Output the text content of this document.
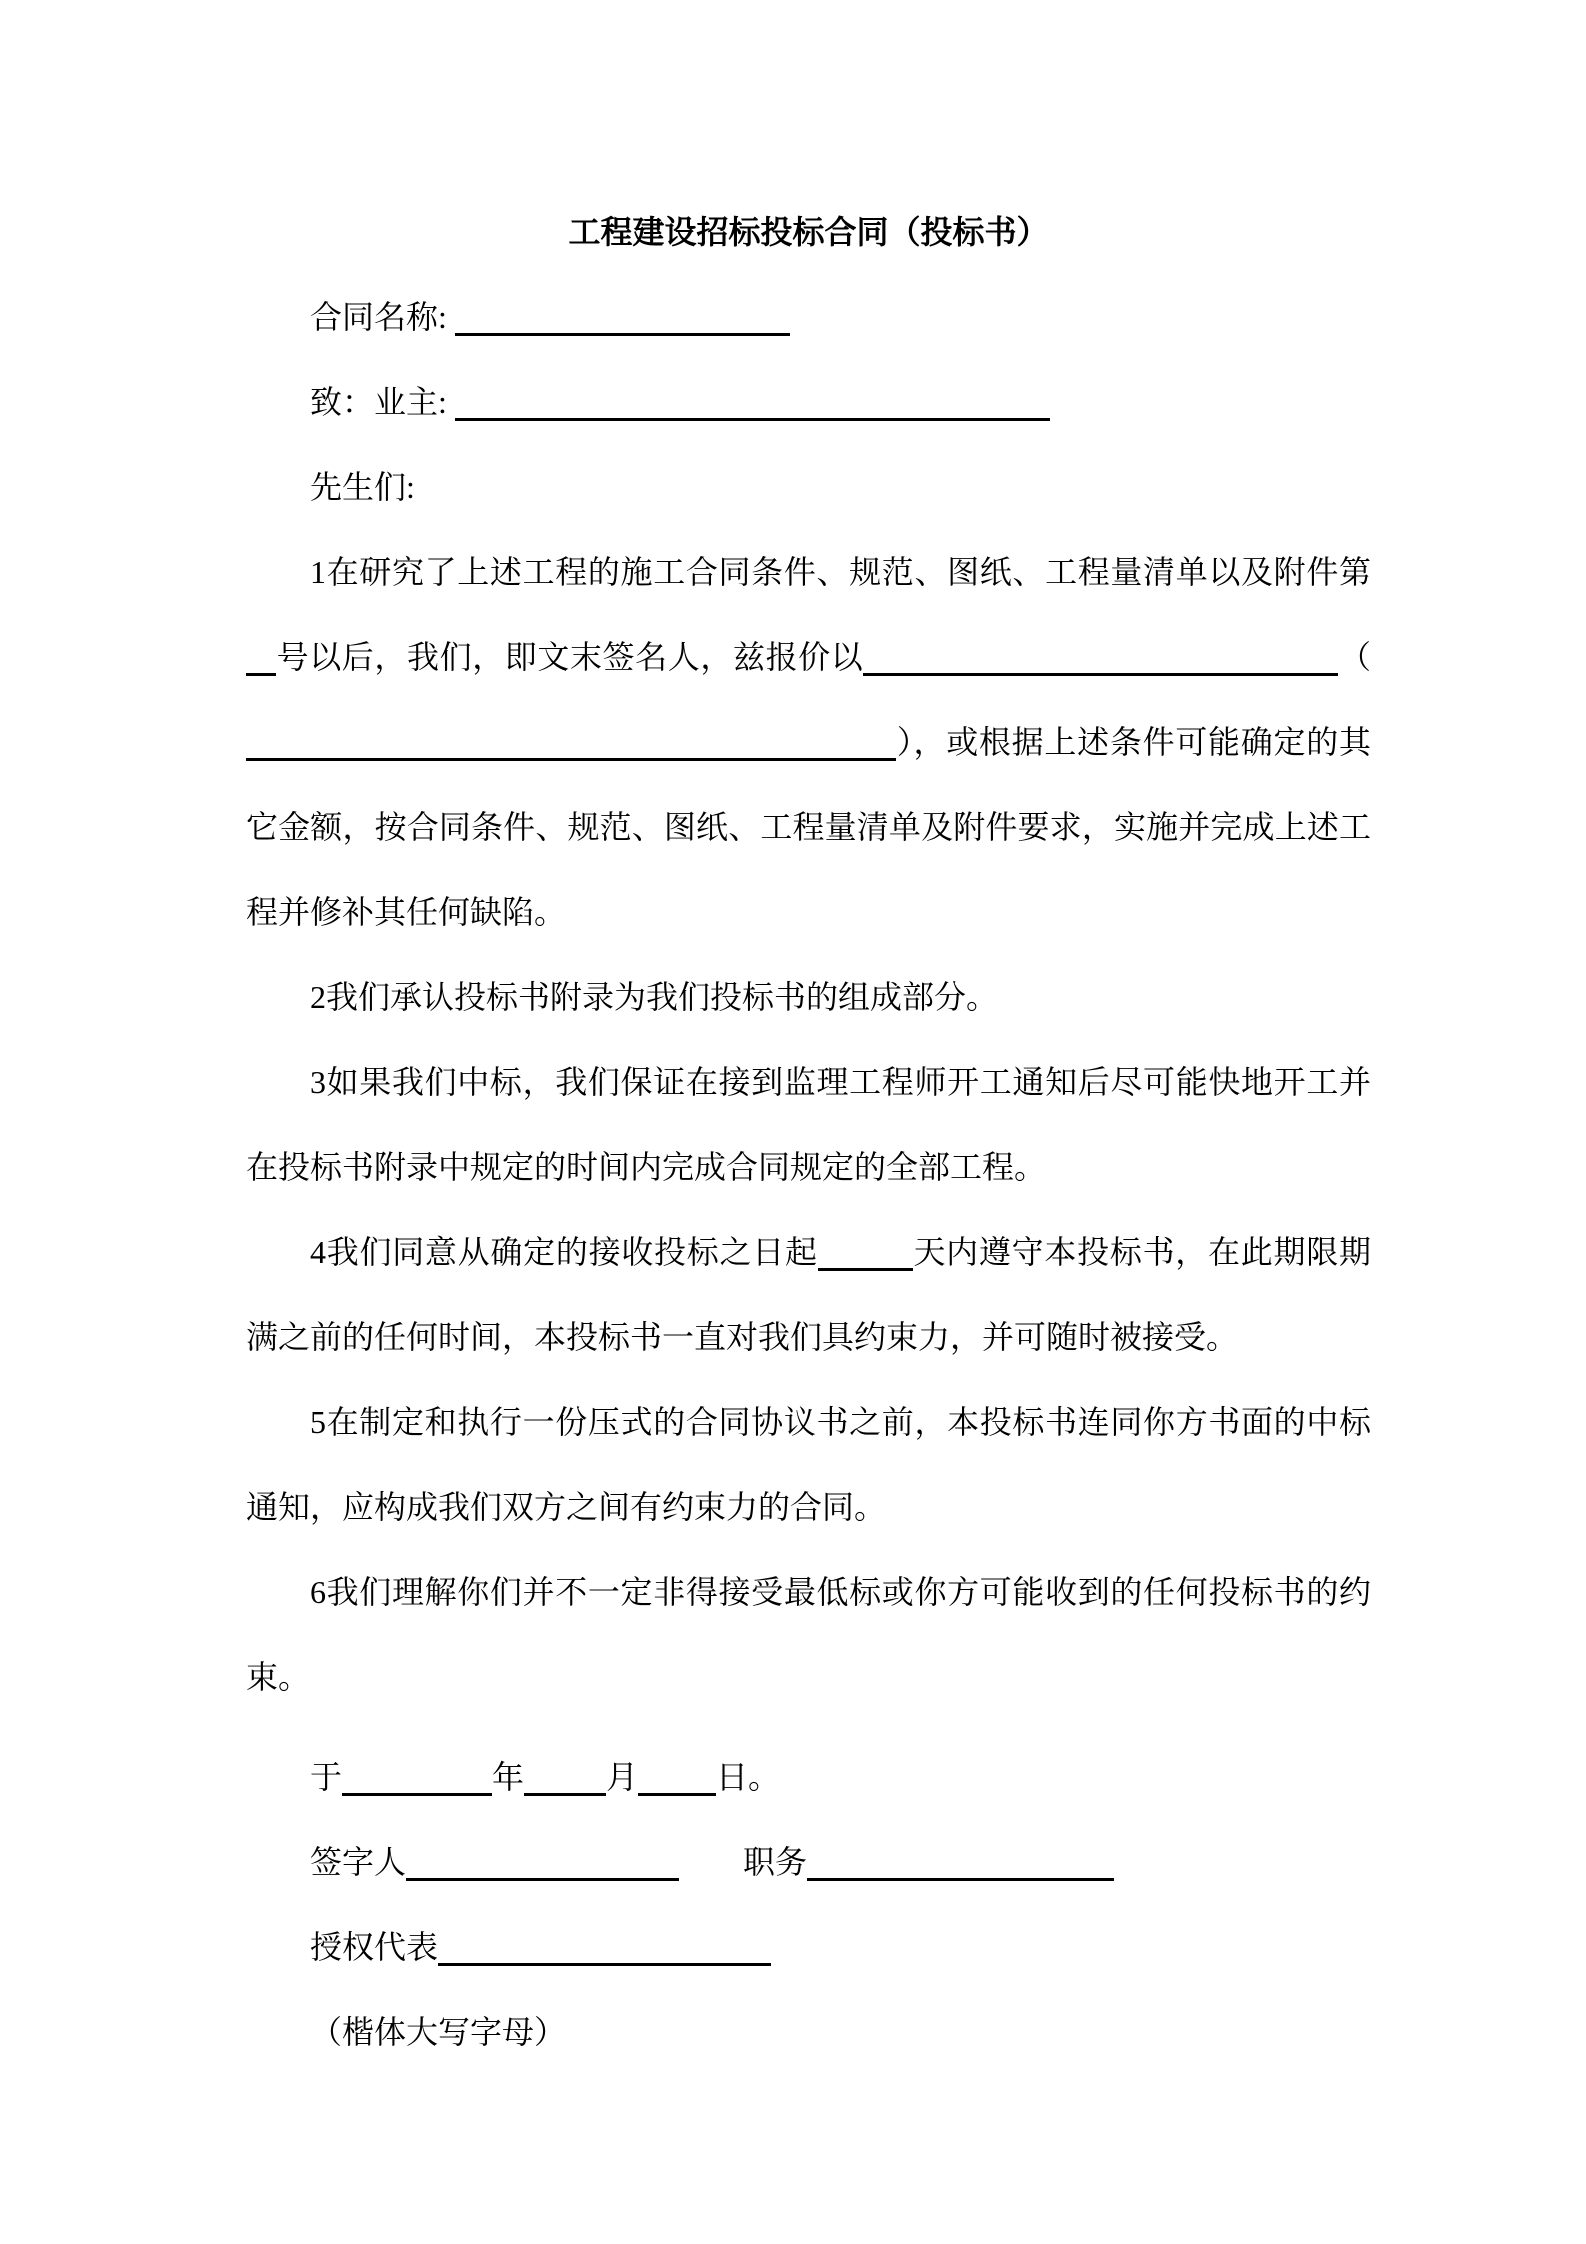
工程建设招标投标合同（投标书）

合同名称:

致：业主:

先生们:

1在研究了上述工程的施工合同条件、规范、图纸、工程量清单以及附件第号以后，我们，即文末签名人，兹报价以	（），或根据上述条件可能确定的其它金额，按合同条件、规范、图纸、工程量清单及附件要求，实施并完成上述工程并修补其任何缺陷。

2我们承认投标书附录为我们投标书的组成部分。

3如果我们中标，我们保证在接到监理工程师开工通知后尽可能快地开工并在投标书附录中规定的时间内完成合同规定的全部工程。

4我们同意从确定的接收投标之日起	天内遵守本投标书，在此期限期满之前的任何时间，本投标书一直对我们具约束力，并可随时被接受。

5在制定和执行一份压式的合同协议书之前，本投标书连同你方书面的中标通知，应构成我们双方之间有约束力的合同。

6我们理解你们并不一定非得接受最低标或你方可能收到的任何投标书的约束。

于	年	月 日。

签字人	　　职务

授权代表

（楷体大写字母）
